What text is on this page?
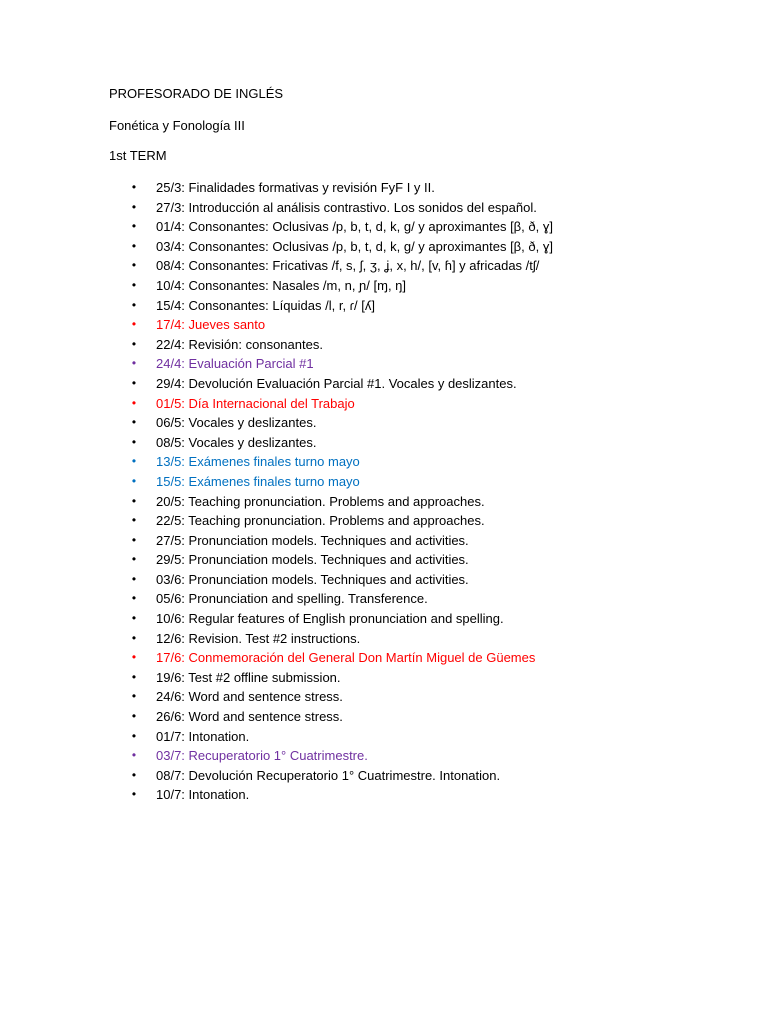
PROFESORADO DE INGLÉS
Fonética y Fonología III
1st TERM
• 25/3: Finalidades formativas y revisión FyF I y II.
• 27/3: Introducción al análisis contrastivo. Los sonidos del español.
• 01/4: Consonantes: Oclusivas /p, b, t, d, k, g/ y aproximantes [β, ð, ɣ]
• 03/4: Consonantes: Oclusivas /p, b, t, d, k, g/ y aproximantes [β, ð, ɣ]
• 08/4: Consonantes: Fricativas /f, s, ʃ, ʒ, ʝ, x, h/, [v, ɦ] y africadas /tʃ/
• 10/4: Consonantes: Nasales /m, n, ɲ/ [ɱ, ŋ]
• 15/4: Consonantes: Líquidas /l, r, ɾ/ [ʎ]
• 17/4: Jueves santo
• 22/4: Revisión: consonantes.
• 24/4: Evaluación Parcial #1
• 29/4: Devolución Evaluación Parcial #1. Vocales y deslizantes.
• 01/5: Día Internacional del Trabajo
• 06/5: Vocales y deslizantes.
• 08/5: Vocales y deslizantes.
• 13/5: Exámenes finales turno mayo
• 15/5: Exámenes finales turno mayo
• 20/5: Teaching pronunciation. Problems and approaches.
• 22/5: Teaching pronunciation. Problems and approaches.
• 27/5: Pronunciation models. Techniques and activities.
• 29/5: Pronunciation models. Techniques and activities.
• 03/6: Pronunciation models. Techniques and activities.
• 05/6: Pronunciation and spelling. Transference.
• 10/6: Regular features of English pronunciation and spelling.
• 12/6: Revision. Test #2 instructions.
• 17/6: Conmemoración del General Don Martín Miguel de Güemes
• 19/6: Test #2 offline submission.
• 24/6: Word and sentence stress.
• 26/6: Word and sentence stress.
• 01/7: Intonation.
• 03/7: Recuperatorio 1° Cuatrimestre.
• 08/7: Devolución Recuperatorio 1° Cuatrimestre. Intonation.
• 10/7: Intonation.
